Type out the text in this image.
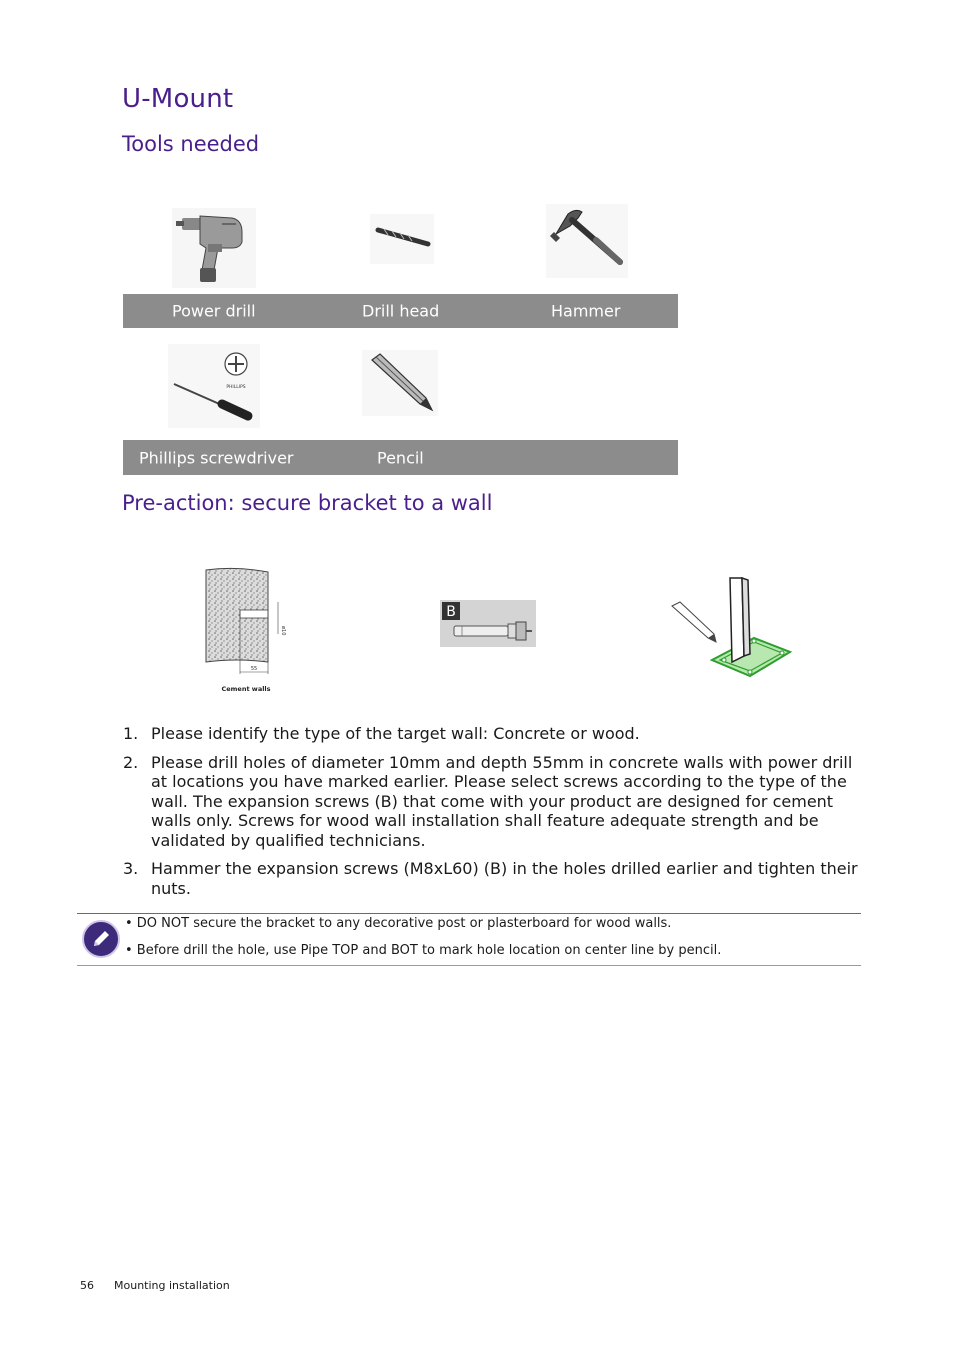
U-Mount
Tools needed
Power drill	Drill head	Hammer
PHILLIPS
Phillips screwdriver	Pencil
Pre-action: secure bracket to a wall
55
ø10
Cement walls
B
1. Please identify the type of the target wall: Concrete or wood.
2. Please drill holes of diameter 10mm and depth 55mm in concrete walls with power drill at locations you have marked earlier. Please select screws according to the type of the wall. The expansion screws (B) that come with your product are designed for cement walls only. Screws for wood wall installation shall feature adequate strength and be validated by qualified technicians.
3. Hammer the expansion screws (M8xL60) (B) in the holes drilled earlier and tighten their nuts.
• DO NOT secure the bracket to any decorative post or plasterboard for wood walls.
• Before drill the hole, use Pipe TOP and BOT to mark hole location on center line by pencil.
56 Mounting installation
